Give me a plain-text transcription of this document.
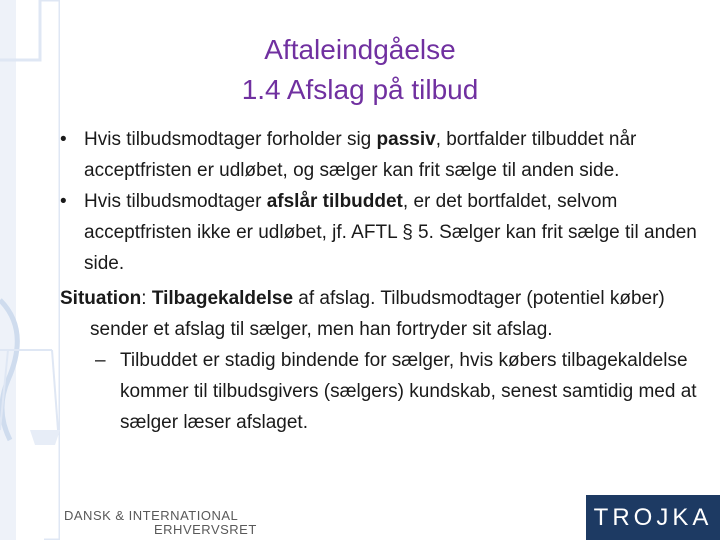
Aftaleindgåelse
1.4 Afslag på tilbud
• Hvis tilbudsmodtager forholder sig passiv, bortfalder tilbuddet når acceptfristen er udløbet, og sælger kan frit sælge til anden side.
• Hvis tilbudsmodtager afslår tilbuddet, er det bortfaldet, selvom acceptfristen ikke er udløbet, jf. AFTL § 5. Sælger kan frit sælge til anden side.
Situation: Tilbagekaldelse af afslag. Tilbudsmodtager (potentiel køber) sender et afslag til sælger, men han fortryder sit afslag.
– Tilbuddet er stadig bindende for sælger, hvis købers tilbagekaldelse kommer til tilbudsgivers (sælgers) kundskab, senest samtidig med at sælger læser afslaget.
DANSK & INTERNATIONAL
ERHVERVSRET	TROJKA
